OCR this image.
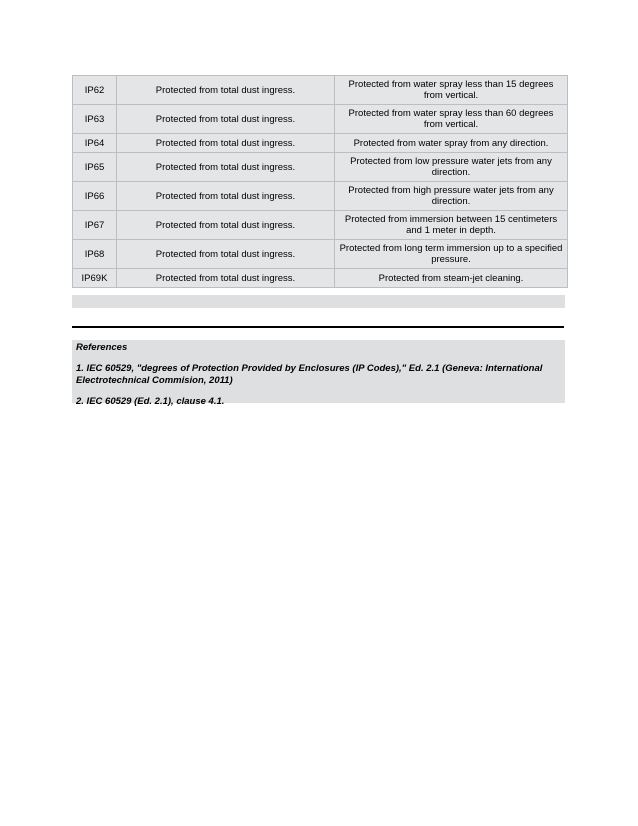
IP62	Protected from total dust ingress.	Protected from water spray less than 15 degrees from vertical.
IP63	Protected from total dust ingress.	Protected from water spray less than 60 degrees from vertical.
IP64	Protected from total dust ingress.	Protected from water spray from any direction.
IP65	Protected from total dust ingress.	Protected from low pressure water jets from any direction.
IP66	Protected from total dust ingress.	Protected from high pressure water jets from any direction.
IP67	Protected from total dust ingress.	Protected from immersion between 15 centimeters and 1 meter in depth.
IP68	Protected from total dust ingress.	Protected from long term immersion up to a specified pressure.
IP69K	Protected from total dust ingress.	Protected from steam-jet cleaning.

References

1. IEC 60529, "degrees of Protection Provided by Enclosures (IP Codes)," Ed. 2.1 (Geneva: International Electrotechnical Commision, 2011)

2. IEC 60529 (Ed. 2.1), clause 4.1.
